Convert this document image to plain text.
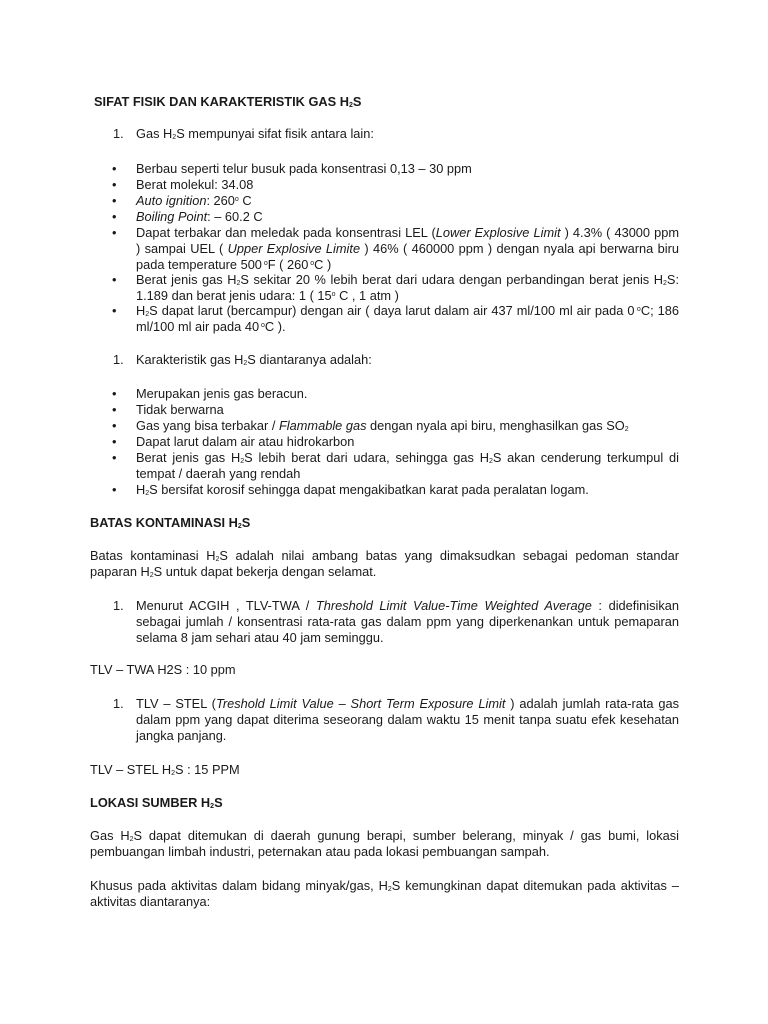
SIFAT FISIK DAN KARAKTERISTIK GAS $H_2S$
1. Gas $H_2S$ mempunyai sifat fisik antara lain:
•	Berbau seperti telur busuk pada konsentrasi 0,13 – 30 ppm
•	Berat molekul: 34.08
•	Auto ignition: 260$^o$ C
•	Boiling Point: – 60.2 C
•	Dapat terbakar dan meledak pada konsentrasi LEL (Lower Explosive Limit ) 4.3% ( 43000 ppm ) sampai UEL ( Upper Explosive Limite ) 46% ( 460000 ppm ) dengan nyala api berwarna biru pada temperature 500 $^o$F ( 260 $^o$C )
•	Berat jenis gas $H_2S$ sekitar 20 % lebih berat dari udara dengan perbandingan berat jenis $H_2S$: 1.189 dan berat jenis udara: 1 ( 15$^o$ C , 1 atm )
•	$H_2S$ dapat larut (bercampur) dengan air ( daya larut dalam air 437 ml/100 ml air pada 0 $^o$C; 186 ml/100 ml air pada 40 $^o$C ).
1. Karakteristik gas $H_2S$ diantaranya adalah:
•	Merupakan jenis gas beracun.
•	Tidak berwarna
•	Gas yang bisa terbakar / Flammable gas dengan nyala api biru, menghasilkan gas $SO_2$
•	Dapat larut dalam air atau hidrokarbon
•	Berat jenis gas $H_2S$ lebih berat dari udara, sehingga gas $H_2S$ akan cenderung terkumpul di tempat / daerah yang rendah
•	$H_2S$ bersifat korosif sehingga dapat mengakibatkan karat pada peralatan logam.
BATAS KONTAMINASI $H_2S$
Batas kontaminasi $H_2S$ adalah nilai ambang batas yang dimaksudkan sebagai pedoman standar paparan $H_2S$ untuk dapat bekerja dengan selamat.
1. Menurut ACGIH , TLV-TWA / Threshold Limit Value-Time Weighted Average : didefinisikan sebagai jumlah / konsentrasi rata-rata gas dalam ppm yang diperkenankan untuk pemaparan selama 8 jam sehari atau 40 jam seminggu.
TLV – TWA H2S : 10 ppm
1. TLV – STEL (Treshold Limit Value – Short Term Exposure Limit ) adalah jumlah rata-rata gas dalam ppm yang dapat diterima seseorang dalam waktu 15 menit tanpa suatu efek kesehatan jangka panjang.
TLV – STEL $H_2S$ : 15 PPM
LOKASI SUMBER $H_2S$
Gas $H_2S$ dapat ditemukan di daerah gunung berapi, sumber belerang, minyak / gas bumi, lokasi pembuangan limbah industri, peternakan atau pada lokasi pembuangan sampah.
Khusus pada aktivitas dalam bidang minyak/gas, $H_2S$ kemungkinan dapat ditemukan pada aktivitas – aktivitas diantaranya:
